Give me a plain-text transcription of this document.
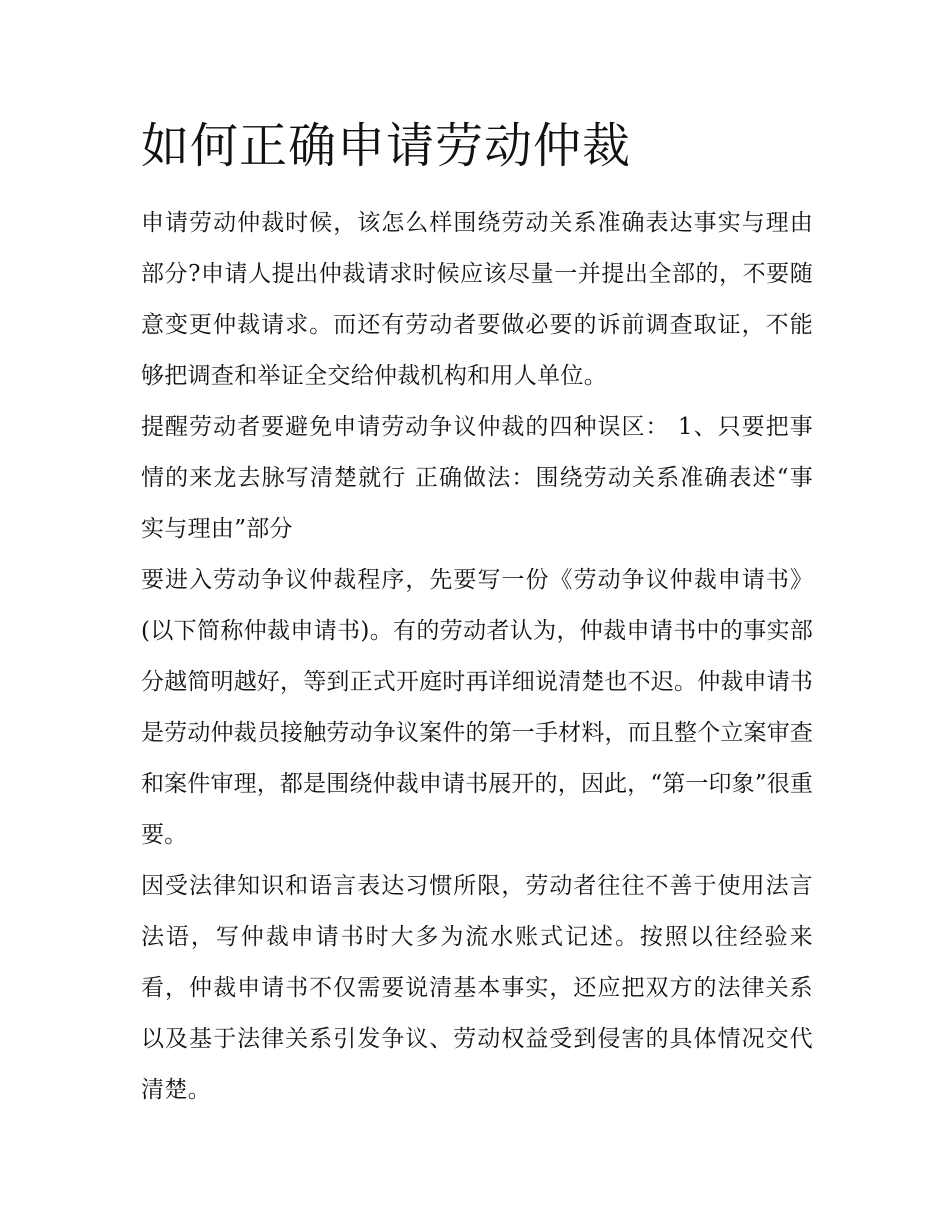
如何正确申请劳动仲裁

申请劳动仲裁时候，该怎么样围绕劳动关系准确表达事实与理由部分?申请人提出仲裁请求时候应该尽量一并提出全部的，不要随意变更仲裁请求。而还有劳动者要做必要的诉前调查取证，不能够把调查和举证全交给仲裁机构和用人单位。

提醒劳动者要避免申请劳动争议仲裁的四种误区： 1、只要把事情的来龙去脉写清楚就行 正确做法：围绕劳动关系准确表述“事实与理由”部分

要进入劳动争议仲裁程序，先要写一份《劳动争议仲裁申请书》(以下简称仲裁申请书)。有的劳动者认为，仲裁申请书中的事实部分越简明越好，等到正式开庭时再详细说清楚也不迟。仲裁申请书是劳动仲裁员接触劳动争议案件的第一手材料，而且整个立案审查和案件审理，都是围绕仲裁申请书展开的，因此，“第一印象”很重要。

因受法律知识和语言表达习惯所限，劳动者往往不善于使用法言法语，写仲裁申请书时大多为流水账式记述。按照以往经验来看，仲裁申请书不仅需要说清基本事实，还应把双方的法律关系以及基于法律关系引发争议、劳动权益受到侵害的具体情况交代清楚。
